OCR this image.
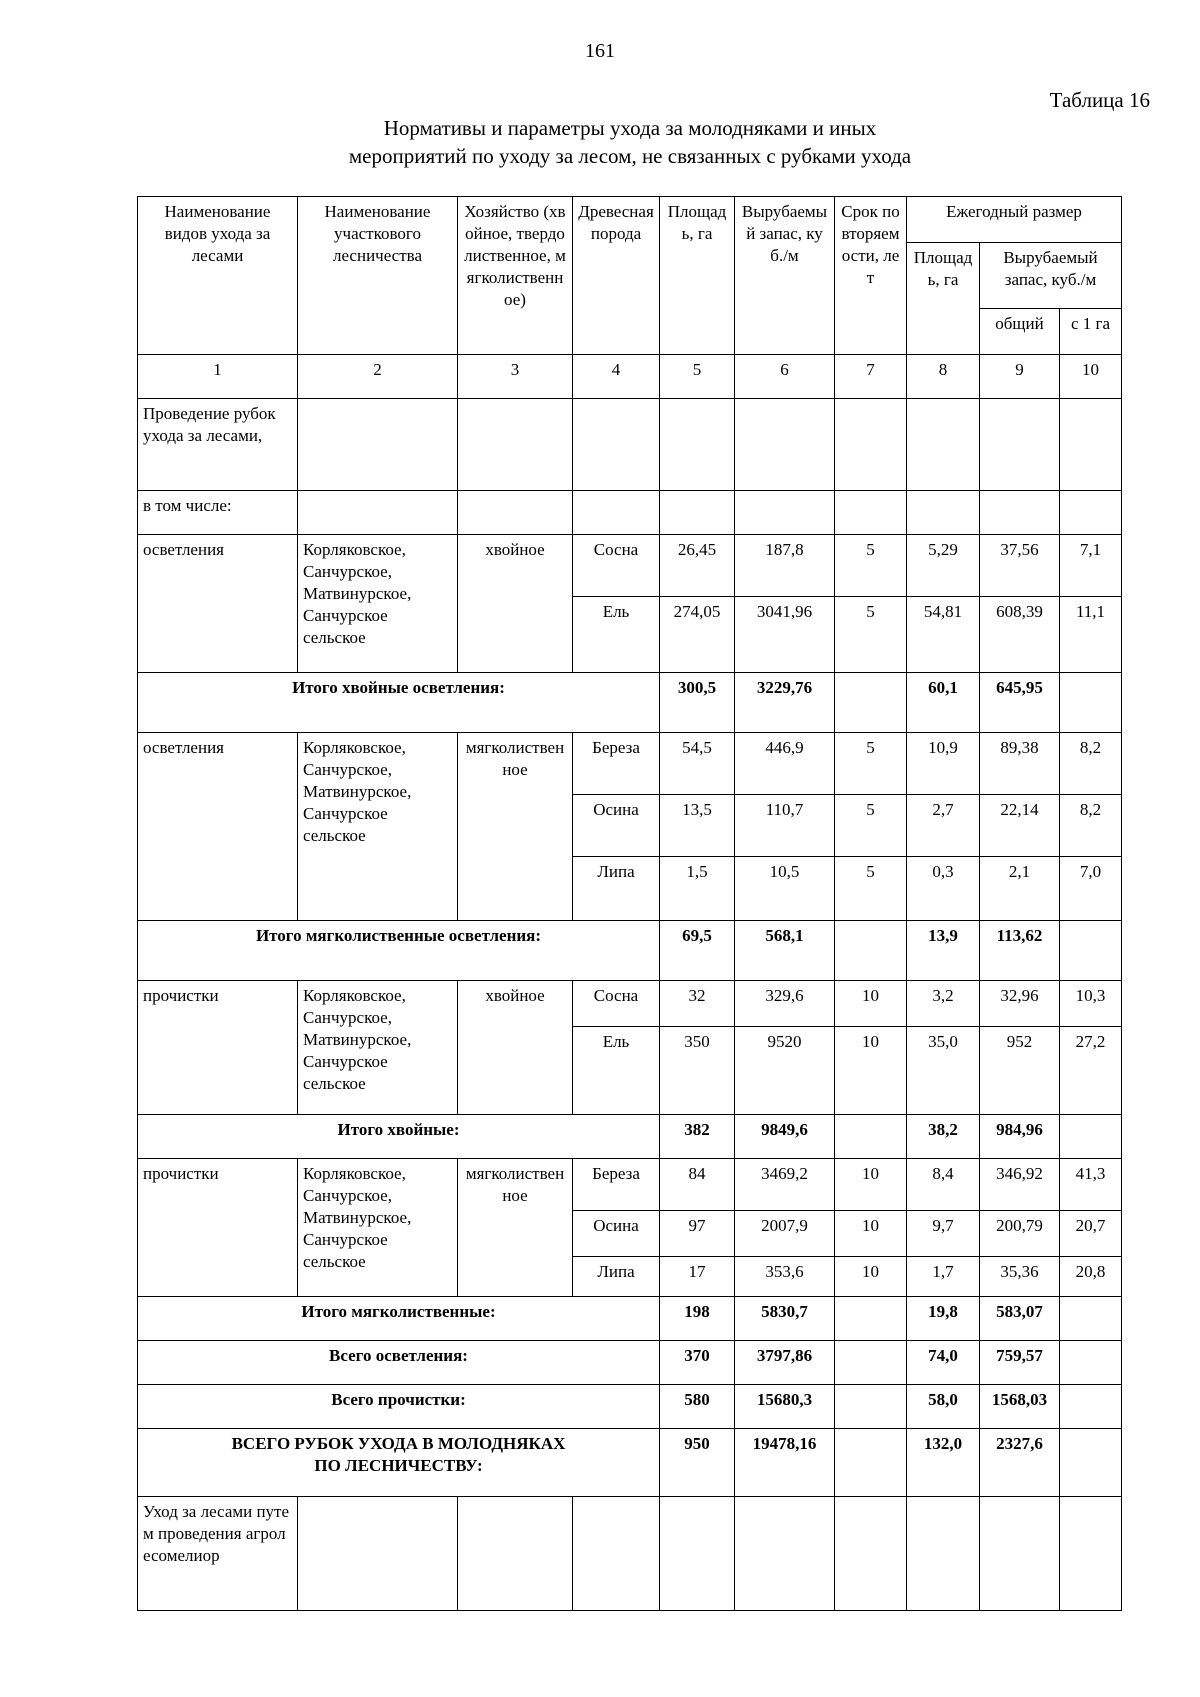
161
Таблица 16
Нормативы и параметры ухода за молодняками и иных
мероприятий по уходу за лесом, не связанных с рубками ухода
Наименование видов ухода за лесами	Наименование участкового лесничества	Хозяйство (хвойное, твердолиственное, мягколиственное)	Древесная порода	Площадь, га	Вырубаемый запас, куб./м	Срок повторяемости, лет	Ежегодный размер		
							Площадь, га	Вырубаемый запас, куб./м	
								общий	с 1 га
1	2	3	4	5	6	7	8	9	10
Проведение рубок ухода за лесами,									
в том числе:									
осветления	Корляковское, Санчурское, Матвинурское, Санчурское сельское	хвойное	Сосна	26,45	187,8	5	5,29	37,56	7,1
			Ель	274,05	3041,96	5	54,81	608,39	11,1
Итого хвойные осветления:				300,5	3229,76		60,1	645,95	
осветления	Корляковское, Санчурское, Матвинурское, Санчурское сельское	мягколиственное	Береза	54,5	446,9	5	10,9	89,38	8,2
			Осина	13,5	110,7	5	2,7	22,14	8,2
			Липа	1,5	10,5	5	0,3	2,1	7,0
Итого мягколиственные осветления:				69,5	568,1		13,9	113,62	
прочистки	Корляковское, Санчурское, Матвинурское, Санчурское сельское	хвойное	Сосна	32	329,6	10	3,2	32,96	10,3
			Ель	350	9520	10	35,0	952	27,2
Итого хвойные:				382	9849,6		38,2	984,96	
прочистки	Корляковское, Санчурское, Матвинурское, Санчурское сельское	мягколиственное	Береза	84	3469,2	10	8,4	346,92	41,3
			Осина	97	2007,9	10	9,7	200,79	20,7
			Липа	17	353,6	10	1,7	35,36	20,8
Итого мягколиственные:				198	5830,7		19,8	583,07	
Всего осветления:				370	3797,86		74,0	759,57	
Всего прочистки:				580	15680,3		58,0	1568,03	

ВСЕГО РУБОК УХОДА В МОЛОДНЯКАХ
ПО ЛЕСНИЧЕСТВУ:				950	19478,16		132,0	2327,6	
Уход за лесами путем проведения агролесомелиор									
